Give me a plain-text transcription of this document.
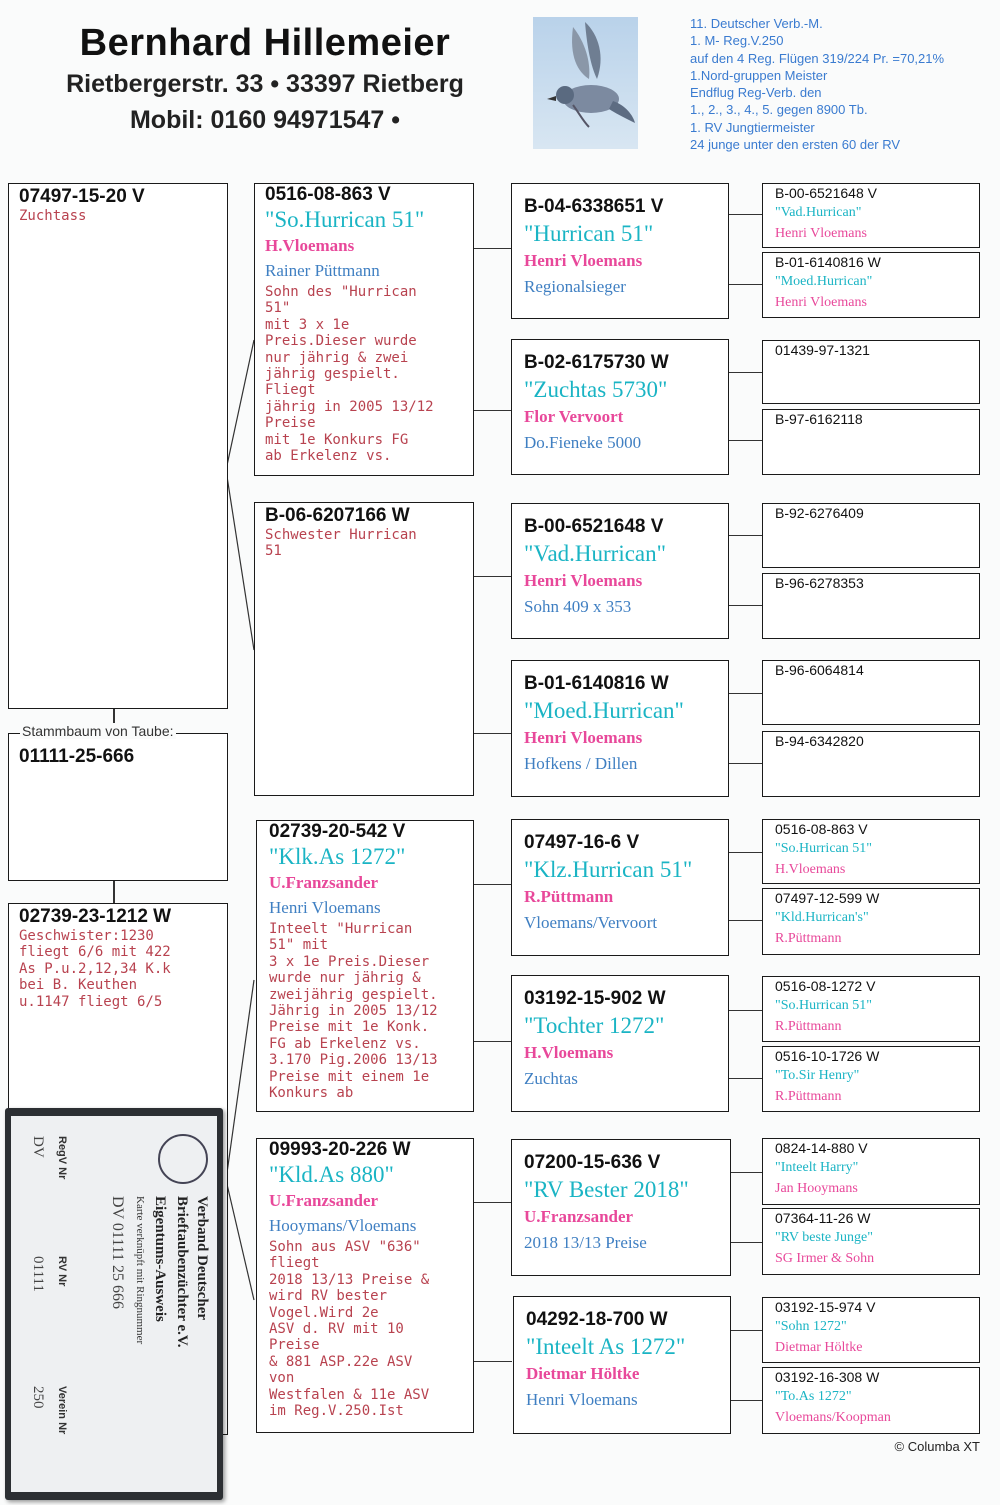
Bernhard Hillemeier
Rietbergerstr. 33 • 33397 Rietberg
Mobil: 0160 94971547 •
11. Deutscher Verb.-M.
1. M- Reg.V.250
auf den 4 Reg. Flügen 319/224 Pr. =70,21%
1.Nord-gruppen Meister
Endflug Reg-Verb. den
1., 2., 3., 4., 5. gegen 8900 Tb.
1. RV Jungtiermeister
24 junge unter den ersten 60 der RV
07497-15-20 V
Zuchtass
Stammbaum von Taube:
01111-25-666
02739-23-1212 W
Geschwister:1230
fliegt 6/6 mit 422
As P.u.2,12,34 K.k
bei B. Keuthen
u.1147 fliegt 6/5
Verband Deutscher
Brieftaubenzüchter e.V.
Eigentums-Ausweis
Karte verknüpft mit Ringnummer
DV 01111 25 666
RegV Nr
RV Nr
Verein Nr
DV
01111
250
0516-08-863 V
"So.Hurrican 51"
H.Vloemans
Rainer Püttmann
Sohn des "Hurrican
51"
mit 3 x 1e
Preis.Dieser wurde
nur jährig & zwei
jährig gespielt.
Fliegt
jährig in 2005 13/12
Preise
mit 1e Konkurs FG
ab Erkelenz vs.
B-06-6207166 W
Schwester Hurrican
51
02739-20-542 V
"Klk.As 1272"
U.Franzsander
Henri Vloemans
Inteelt "Hurrican
51" mit
3 x 1e Preis.Dieser
wurde nur jährig &
zweijährig gespielt.
Jährig in 2005 13/12
Preise mit 1e Konk.
FG ab Erkelenz vs.
3.170 Pig.2006 13/13
Preise mit einem 1e
Konkurs ab
09993-20-226 W
"Kld.As 880"
U.Franzsander
Hooymans/Vloemans
Sohn aus ASV "636"
fliegt
2018 13/13 Preise &
wird RV bester
Vogel.Wird 2e
ASV d. RV mit 10
Preise
& 881 ASP.22e ASV
von
Westfalen & 11e ASV
im Reg.V.250.Ist
B-04-6338651 V
"Hurrican 51"
Henri Vloemans
Regionalsieger
B-02-6175730 W
"Zuchtas 5730"
Flor Vervoort
Do.Fieneke 5000
B-00-6521648 V
"Vad.Hurrican"
Henri Vloemans
Sohn 409 x 353
B-01-6140816 W
"Moed.Hurrican"
Henri Vloemans
Hofkens / Dillen
07497-16-6 V
"Klz.Hurrican 51"
R.Püttmann
Vloemans/Vervoort
03192-15-902 W
"Tochter 1272"
H.Vloemans
Zuchtas
07200-15-636 V
"RV Bester 2018"
U.Franzsander
2018 13/13 Preise
04292-18-700 W
"Inteelt As 1272"
Dietmar Höltke
Henri Vloemans
B-00-6521648 V
"Vad.Hurrican"
Henri Vloemans
B-01-6140816 W
"Moed.Hurrican"
Henri Vloemans
01439-97-1321
B-97-6162118
B-92-6276409
B-96-6278353
B-96-6064814
B-94-6342820
0516-08-863 V
"So.Hurrican 51"
H.Vloemans
07497-12-599 W
"Kld.Hurrican's"
R.Püttmann
0516-08-1272 V
"So.Hurrican 51"
R.Püttmann
0516-10-1726 W
"To.Sir Henry"
R.Püttmann
0824-14-880 V
"Inteelt Harry"
Jan Hooymans
07364-11-26 W
"RV beste Junge"
SG Irmer & Sohn
03192-15-974 V
"Sohn 1272"
Dietmar Höltke
03192-16-308 W
"To.As 1272"
Vloemans/Koopman
© Columba XT
